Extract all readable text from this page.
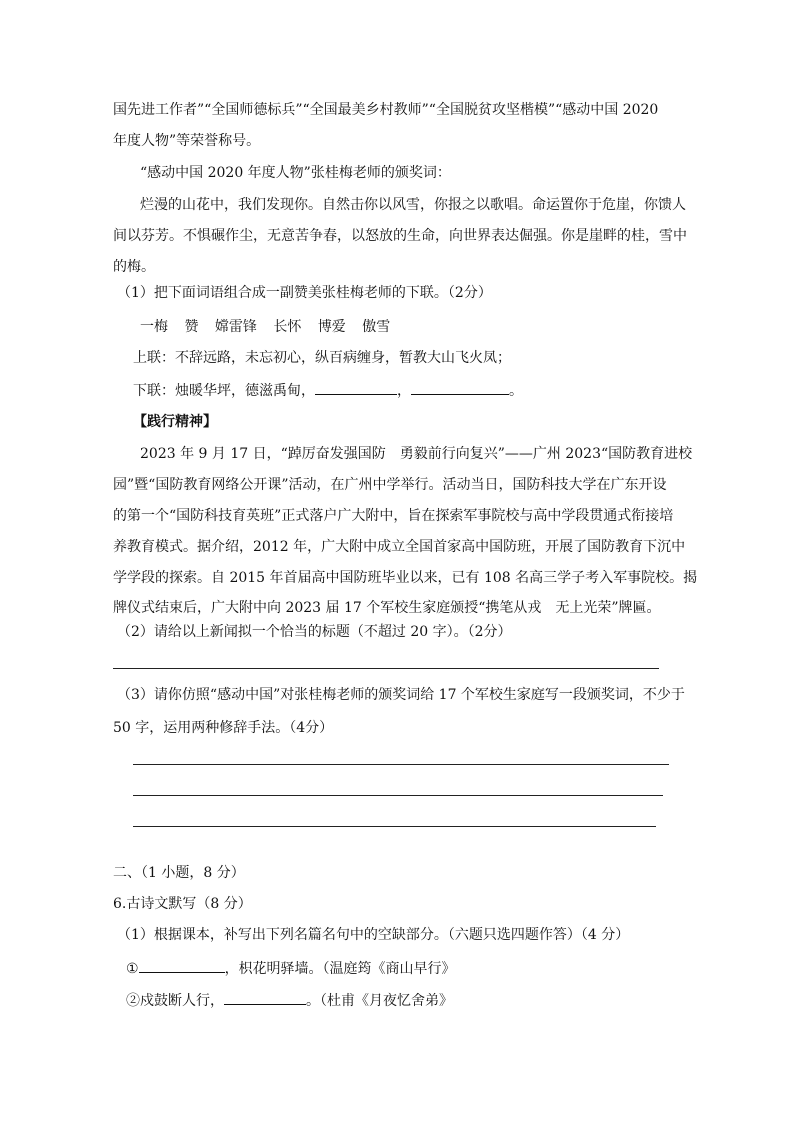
国先进工作者”“全国师德标兵”“全国最美乡村教师”“全国脱贫攻坚楷模”“感动中国 2020
年度人物”等荣誉称号。
“感动中国 2020 年度人物”张桂梅老师的颁奖词：
烂漫的山花中，我们发现你。自然击你以风雪，你报之以歌唱。命运置你于危崖，你馈人
间以芬芳。不惧碾作尘，无意苦争春，以怒放的生命，向世界表达倔强。你是崖畔的桂，雪中
的梅。
（1）把下面词语组合成一副赞美张桂梅老师的下联。（2分）
一梅 赞 嫦雷锋 长怀 博爱 傲雪
上联：不辞远路，未忘初心，纵百病缠身，暂教大山飞火凤；
下联：烛暖华坪，德滋禹甸，	，	。
【践行精神】
2023 年 9 月 17 日，“踔厉奋发强国防　勇毅前行向复兴”——广州 2023“国防教育进校
园”暨“国防教育网络公开课”活动，在广州中学举行。活动当日，国防科技大学在广东开设
的第一个“国防科技育英班”正式落户广大附中，旨在探索军事院校与高中学段贯通式衔接培
养教育模式。据介绍，2012 年，广大附中成立全国首家高中国防班，开展了国防教育下沉中
学学段的探索。自 2015 年首届高中国防班毕业以来，已有 108 名高三学子考入军事院校。揭
牌仪式结束后，广大附中向 2023 届 17 个军校生家庭颁授“携笔从戎　无上光荣”牌匾。
（2）请给以上新闻拟一个恰当的标题（不超过 20 字）。（2分）
（3）请你仿照“感动中国”对张桂梅老师的颁奖词给 17 个军校生家庭写一段颁奖词，不少于
50 字，运用两种修辞手法。（4分）
二、（1 小题，8 分）
6.古诗文默写（8 分）
（1）根据课本，补写出下列名篇名句中的空缺部分。（六题只选四题作答）（4 分）
①	，枳花明驿墙。（温庭筠《商山早行》
②戍鼓断人行，	。（杜甫《月夜忆舍弟》
